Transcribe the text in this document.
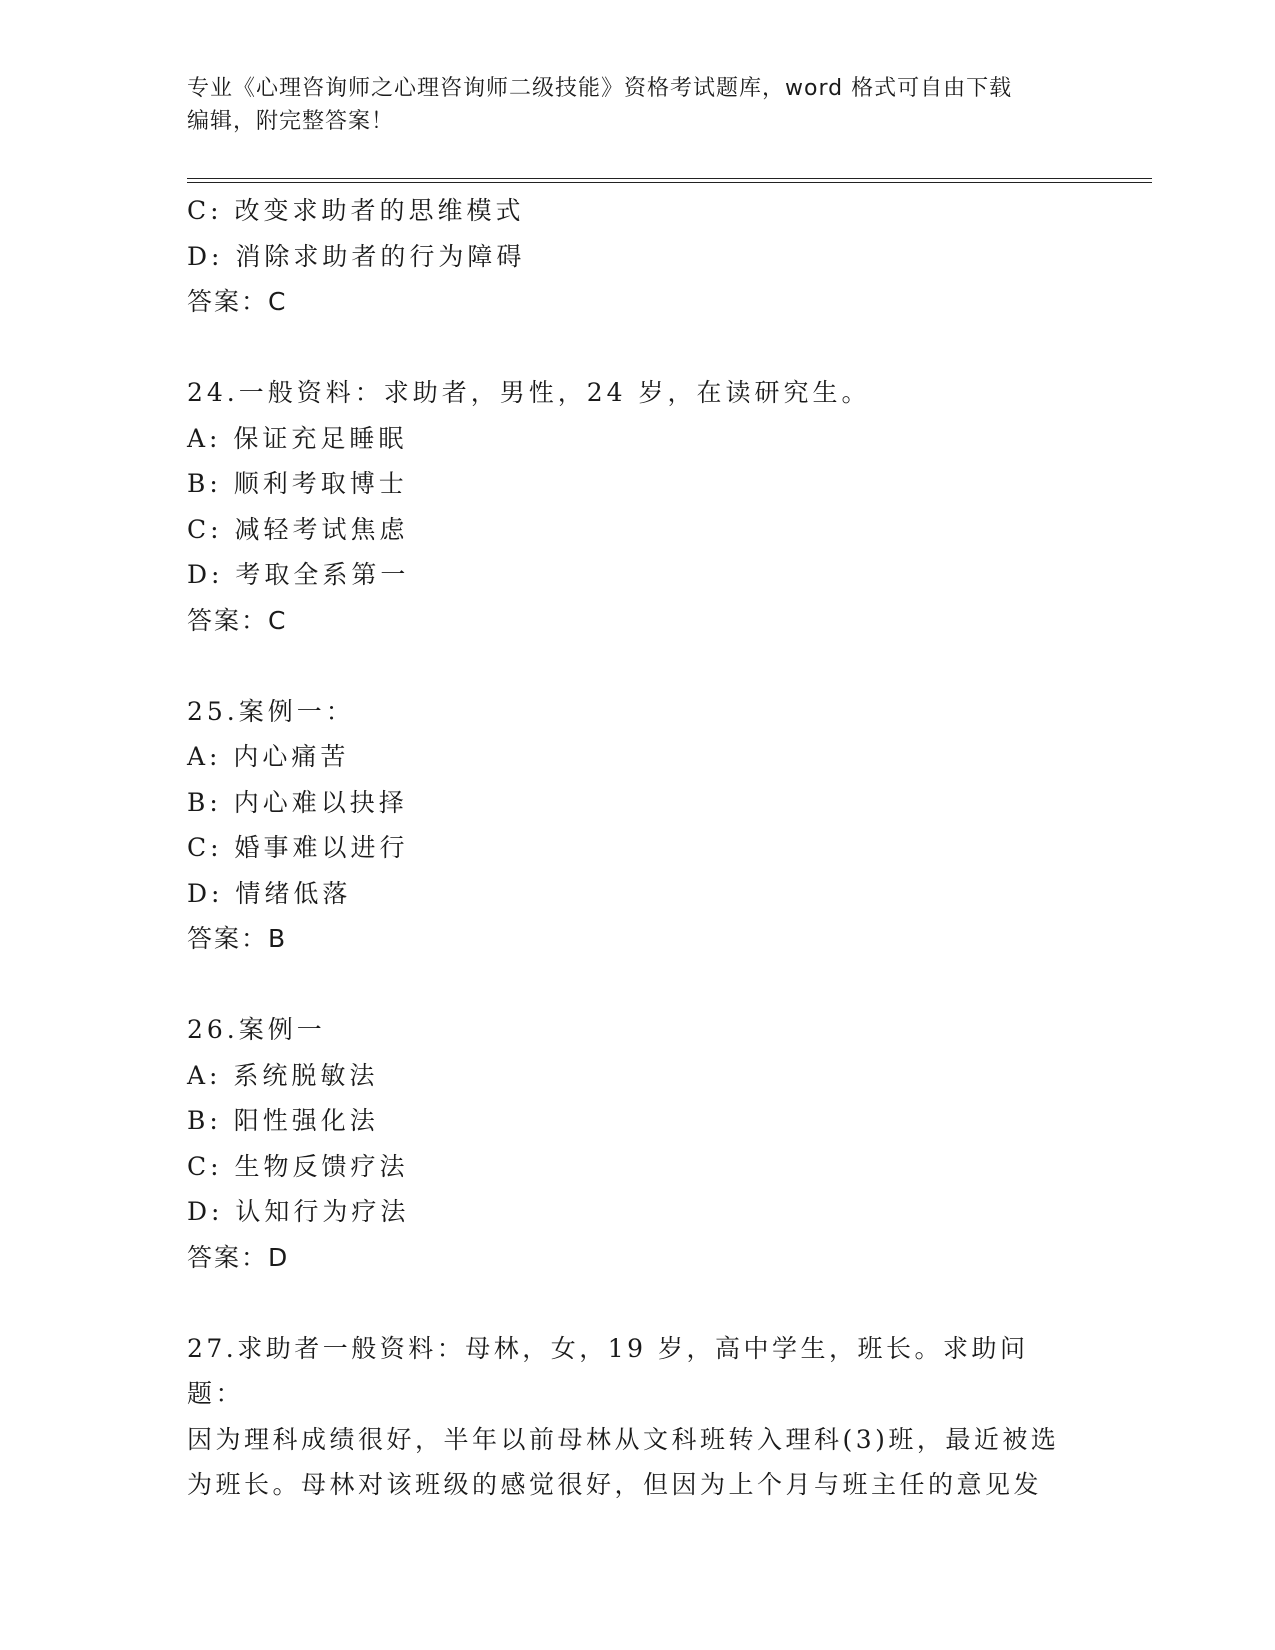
专业《心理咨询师之心理咨询师二级技能》资格考试题库，word 格式可自由下载
编辑，附完整答案！

C: 改变求助者的思维模式

D: 消除求助者的行为障碍

答案：C

24.一般资料：求助者，男性，24 岁，在读研究生。

A: 保证充足睡眠

B: 顺利考取博士

C: 减轻考试焦虑

D: 考取全系第一

答案：C

25.案例一：

A: 内心痛苦

B: 内心难以抉择

C: 婚事难以进行

D: 情绪低落

答案：B

26.案例一

A: 系统脱敏法

B: 阳性强化法

C: 生物反馈疗法

D: 认知行为疗法

答案：D

27.求助者一般资料：母林，女，19 岁，高中学生，班长。求助问题：

因为理科成绩很好，半年以前母林从文科班转入理科(3)班，最近被选

为班长。母林对该班级的感觉很好，但因为上个月与班主任的意见发
